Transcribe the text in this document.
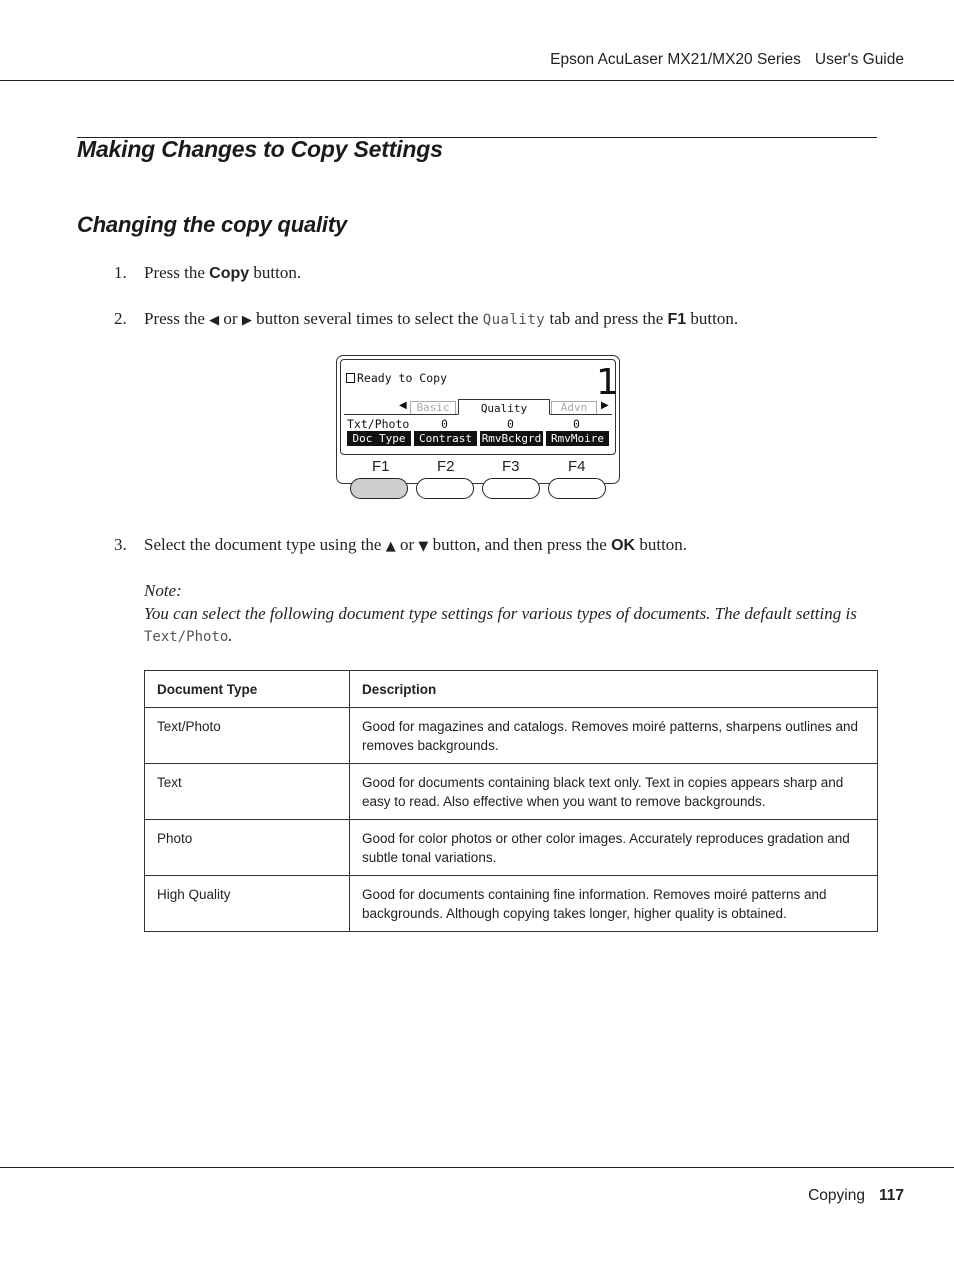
Epson AcuLaser MX21/MX20 Series User's Guide
Making Changes to Copy Settings
Changing the copy quality
1. Press the Copy button.
2. Press the ◀ or ▶ button several times to select the Quality tab and press the F1 button.
Ready to Copy	1
◀ Basic	Quality	Advn	▶
Txt/Photo	0	0	0
Doc Type	Contrast RmvBckgrd RmvMoire
F1	F2	F3	F4
3. Select the document type using the ▲ or ▼ button, and then press the OK button.
Note:
You can select the following document type settings for various types of documents. The default setting is Text/Photo.
Document Type	Description
Text/Photo	Good for magazines and catalogs. Removes moiré patterns, sharpens outlines and removes backgrounds.
Text	Good for documents containing black text only. Text in copies appears sharp and easy to read. Also effective when you want to remove backgrounds.
Photo	Good for color photos or other color images. Accurately reproduces gradation and subtle tonal variations.
High Quality	Good for documents containing fine information. Removes moiré patterns and backgrounds. Although copying takes longer, higher quality is obtained.
Copying 117
